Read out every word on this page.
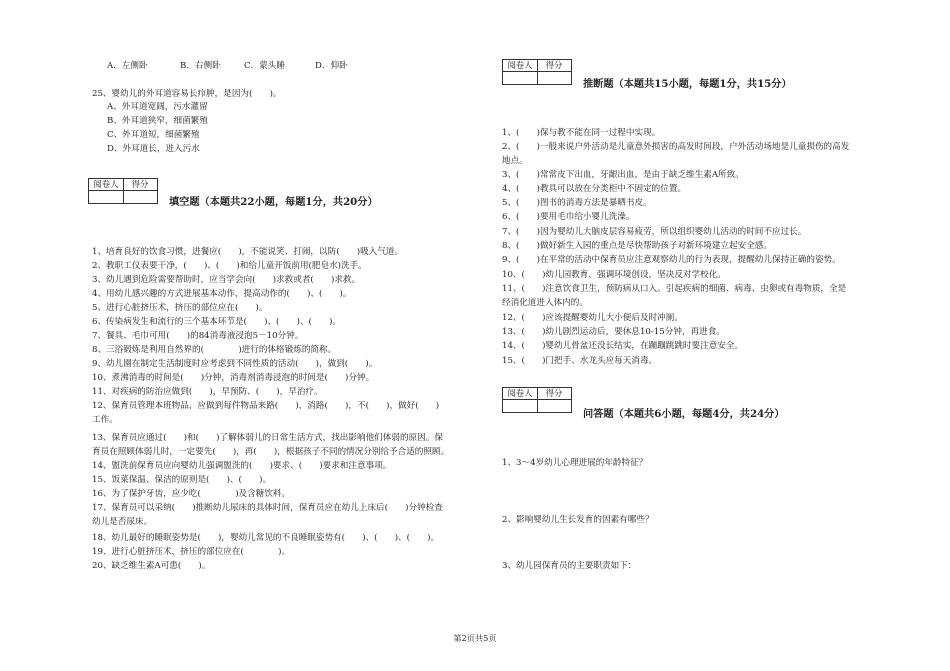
A．左侧卧	B．右侧卧	C．蒙头睡	D．仰卧
25、婴幼儿的外耳道容易长疖肿，是因为(　　)。
A、外耳道宽阔，污水灌留
B、外耳道狭窄，细菌繁殖
C、外耳道短，细菌繁殖
D、外耳道长，进入污水
阅卷人	得分
填空题（本题共22小题，每题1分，共20分）
1、培育良好的饮食习惯，进餐应(　　)，不能说笑、打闹，以防(　　)吸入气道。
2、教职工仪表要干净，(　　)、(　　)和给儿童开饭前用(肥皂水)洗手。
3、幼儿遇到危险需要帮助时，应当学会向(　　)求救或者(　　)求救。
4、用幼儿感兴趣的方式进展基本动作，提高动作的(　　)、(　　)。
5、进行心脏挤压术，挤压的部位应在(　　)。
6、传染病发生和流行的三个基本环节是(　　)、(　　)、(　　)。
7、餐具、毛巾可用(　　)的84消毒液浸泡5－10分钟。
8、三浴锻炼是利用自然界的(　　　　)进行的体格锻炼的简称。
9、幼儿園在制定生活制度时应考虑到不同性质的活动(　　)，做到(　　)。
10、煮沸消毒的时间是(　　)分钟，消毒剂消毒浸泡的时间是(　　)分钟。
11、对疾病的防治应做到(　　)，早预防、(　　)，早治疗。
12、保育员管理本班物品，应做到每件物品来路(　　)，消路(　　)，不(　　)，做好(　　)
工作。
13、保育员应通过(　　)和(　　)了解体弱儿的日常生活方式，找出影响他们体弱的原因。保
育员在照顾体弱儿时，一定要先(　　)，再(　　)，根据孩子不同的情况分别给予合适的照顾。
14、盥洗前保育员应向婴幼儿强调盥洗的(　　)要求、(　　)要求和注意事项。
15、饭菜保温、保洁的原则是(　　)、(　　)。
16、为了保护牙齿，应少吃(　　　　)及含糖饮料。
17、保育员可以采纳(　　)推断幼儿尿床的具体时间，保育员应在幼儿上床后(　　)分钟检查
幼儿是否尿床。
18、幼儿最好的睡眠姿势是(　　)，婴幼儿常见的不良睡眠姿势有(　　)、(　　)、(　　)。
19、进行心脏挤压术，挤压的部位应在(　　　　)。
20、缺乏维生素A可患(　　)。
阅卷人	得分
推断题（本题共15小题，每题1分，共15分）
1、(　　)保与教不能在同一过程中实现。
2、(　　)一般来说户外活动是儿童意外损害的高发时间段，户外活动场地是儿童损伤的高发
地点。
3、(　　)常常皮下出血，牙龈出血，是由于缺乏维生素A所致。
4、(　　)教具可以放在分类柜中不固定的位置。
5、(　　)图书的消毒方法是暴晒书皮。
6、(　　)要用毛巾给小婴儿洗澡。
7、(　　)因为婴幼儿大脑皮层容易疲劳，所以组织婴幼儿活动的时间不应过长。
8、(　　)做好新生入园的重点是尽快帮助孩子对新环境建立起安全感。
9、(　　)在平常的活动中保育员应注意观察幼儿的行为表现，提醒幼儿保持正确的姿势。
10、(　　)幼儿园教育，强调环境创设，坚决反对学校化。
11、(　　)注意饮食卫生，预防病从口入。引起疾病的细菌、病毒、虫卵或有毒物质，全是
经消化道进入体内的。
12、(　　)应该提醒婴幼儿大小便后及时冲厕。
13、(　　)幼儿剧烈运动后，要休息10-15分钟，再进食。
14、(　　)婴幼儿骨盆还没长结实，在蹦蹦跳跳时要注意安全。
15、(　　)门把手、水龙头应每天消毒。
阅卷人	得分
问答题（本题共6小题，每题4分，共24分）
1、3～4岁幼儿心理进展的年龄特征？
2、影响婴幼儿生长发育的因素有哪些？
3、幼儿园保育员的主要职责如下：
第2页共5页
